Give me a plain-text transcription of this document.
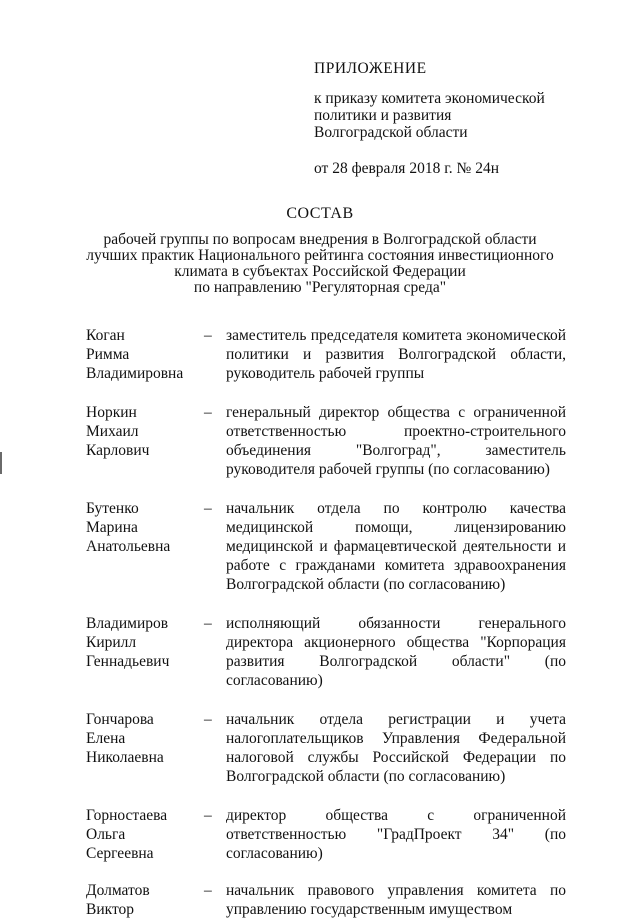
ПРИЛОЖЕНИЕ
к приказу комитета экономической
политики и развития
Волгоградской области
от 28 февраля 2018 г. № 24н
СОСТАВ
рабочей группы по вопросам внедрения в Волгоградской области
лучших практик Национального рейтинга состояния инвестиционного
климата в субъектах Российской Федерации
по направлению "Регуляторная среда"
Коган
Римма
Владимировна
– заместитель председателя комитета экономической политики и развития Волгоградской области, руководитель рабочей группы
Норкин
Михаил
Карлович
– генеральный директор общества с ограниченной ответственностью проектно-строительного объединения "Волгоград", заместитель руководителя рабочей группы (по согласованию)
Бутенко
Марина
Анатольевна
– начальник отдела по контролю качества медицинской помощи, лицензированию медицинской и фармацевтической деятельности и работе с гражданами комитета здравоохранения Волгоградской области (по согласованию)
Владимиров
Кирилл
Геннадьевич
– исполняющий обязанности генерального директора акционерного общества "Корпорация развития Волгоградской области" (по согласованию)
Гончарова
Елена
Николаевна
– начальник отдела регистрации и учета налогоплательщиков Управления Федеральной налоговой службы Российской Федерации по Волгоградской области (по согласованию)
Горностаева
Ольга
Сергеевна
– директор общества с ограниченной ответственностью "ГрадПроект 34" (по согласованию)
Долматов
Виктор
– начальник правового управления комитета по управлению государственным имуществом
